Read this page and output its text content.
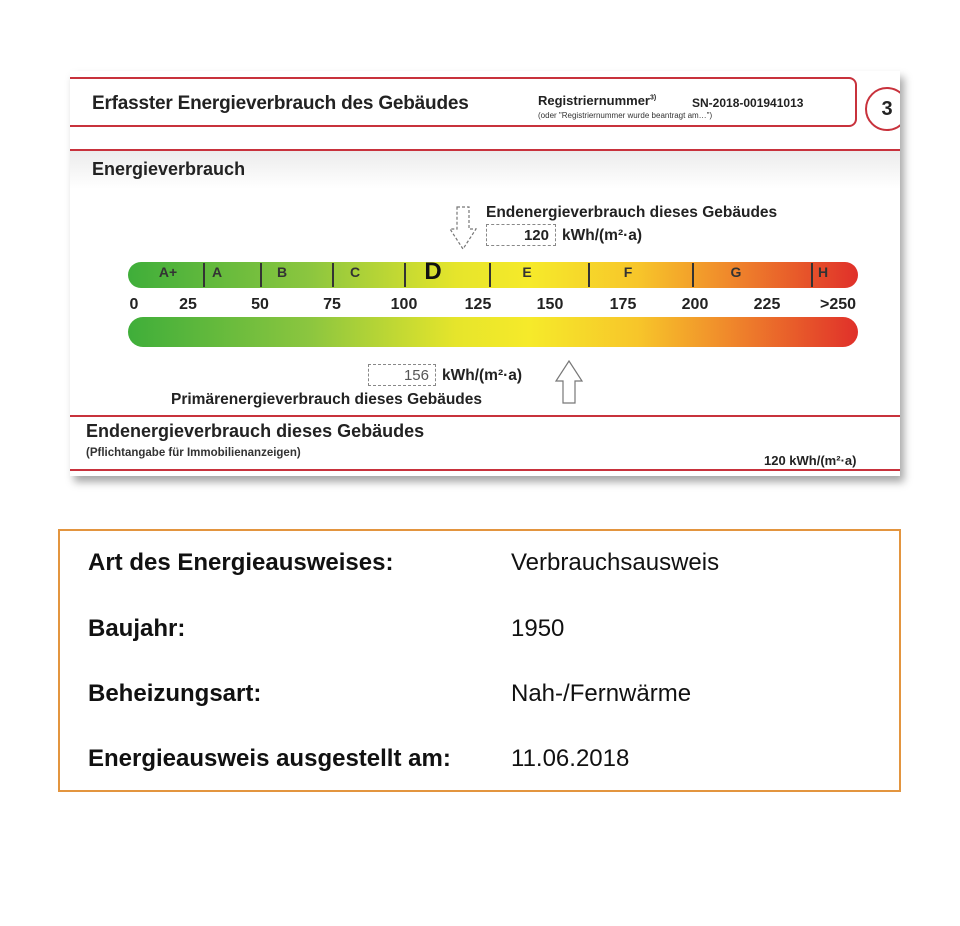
Erfasster Energieverbrauch des Gebäudes	Registriernummer$^{3)}$
(oder "Registriernummer wurde beantragt am…")
SN-2018-001941013	3
Energieverbrauch
Endenergieverbrauch dieses Gebäudes
120 kWh/(m²·a)
A+ A	B	C	D	E	F	G	H
0	25	50	75	100	125	150	175	200	225 >250
156 kWh/(m²·a)
Primärenergieverbrauch dieses Gebäudes
Endenergieverbrauch dieses Gebäudes
(Pflichtangabe für Immobilienanzeigen)	120 kWh/(m²·a)
Art des Energieausweises:	Verbrauchsausweis
Baujahr:	1950
Beheizungsart:	Nah-/Fernwärme
Energieausweis ausgestellt am:	11.06.2018
